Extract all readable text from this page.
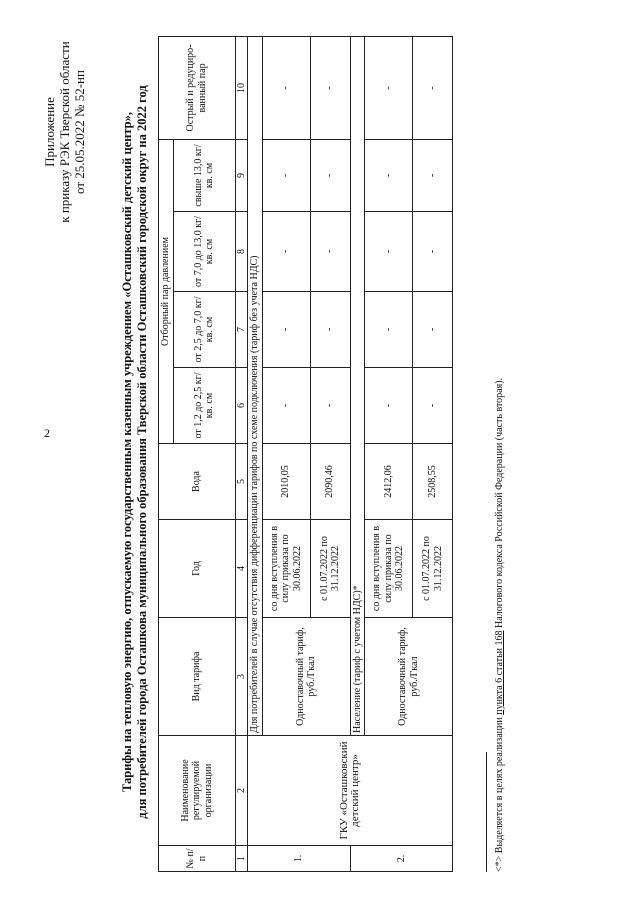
2
Приложение к приказу РЭК Тверской области от 25.05.2022 № 52-нп	Тарифы на тепловую энергию, отпускаемую государственным казенным учреждением «Осташковский детский центр», для потребителей города Осташкова муниципального образования Тверской области Осташковский городской округ на 2022 год
№ п/п	Наименование регулируемой организации	Вид тарифа	Год	Вода	Отборный пар давлением				Острый и редуциро-ванный пар
					от 1,2 до 2,5 кг/кв. см	от 2,5 до 7,0 кг/кв. см	от 7,0 до 13,0 кг/кв. см	свыше 13,0 кг/кв. см	
1	2	3	4	5	6	7	8	9	10
1.	ГКУ «Осташковский детский центр»	Для потребителей в случае отсутствия дифференциации тарифов по схеме подключения (тариф без учета НДС)							
		Одноставочный тариф, руб./Гкал	со дня вступления в силу приказа по 30.06.2022	2010,05	-	-	-	-	-
			с 01.07.2022 по 31.12.2022	2090,46	-	-	-	-	-
2.		Население (тариф с учетом НДС)*							
		Одноставочный тариф, руб./Гкал	со дня вступления в силу приказа по 30.06.2022	2412,06	-	-	-	-	-
			с 01.07.2022 по 31.12.2022	2508,55	-	-	-	-	-
<*> Выделяется в целях реализации пункта 6 статьи 168 Налогового кодекса Российской Федерации (часть вторая).
